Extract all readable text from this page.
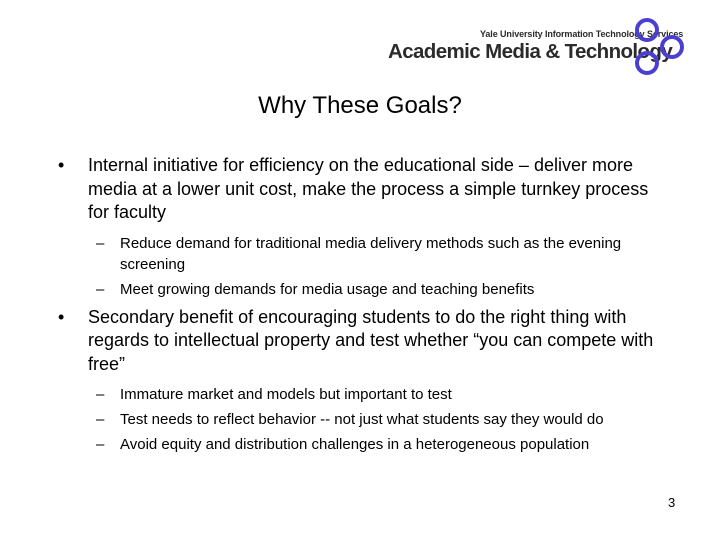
Yale University Information Technology Services
Academic Media & Technology
Why These Goals?
• Internal initiative for efficiency on the educational side – deliver more media at a lower unit cost, make the process a simple turnkey process for faculty
– Reduce demand for traditional media delivery methods such as the evening screening
– Meet growing demands for media usage and teaching benefits
• Secondary benefit of encouraging students to do the right thing with regards to intellectual property and test whether “you can compete with free”
– Immature market and models but important to test
– Test needs to reflect behavior -- not just what students say they would do
– Avoid equity and distribution challenges in a heterogeneous population
3
